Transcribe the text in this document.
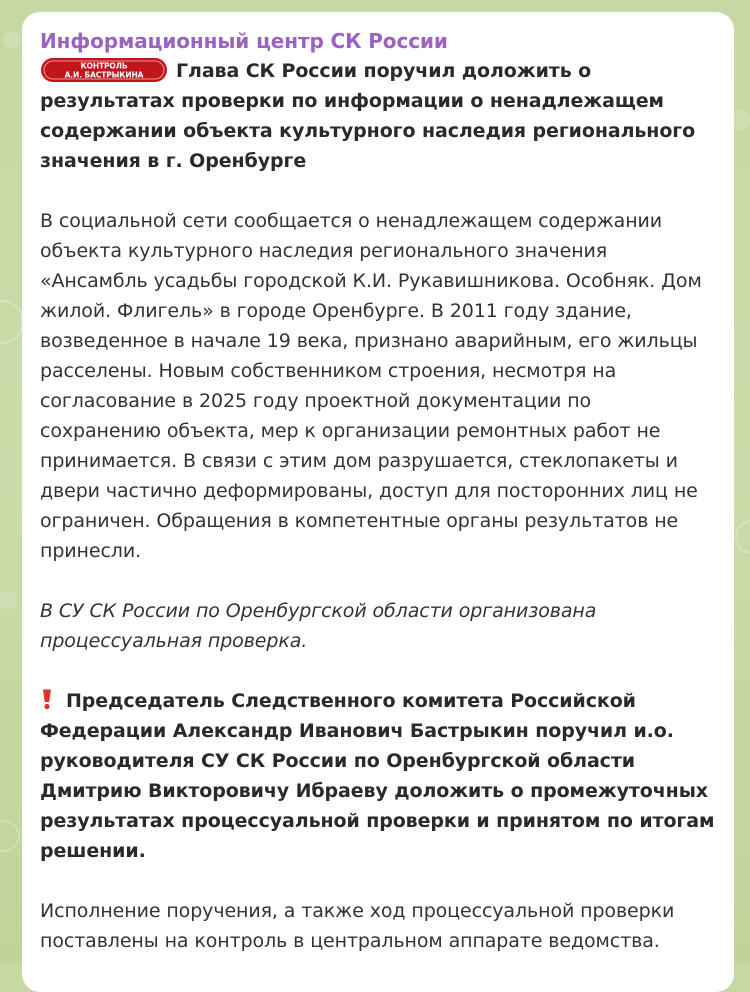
Информационный центр СК России

КОНТРОЛЬ
А.И. БАСТРЫКИНА Глава СК России поручил доложить о результатах проверки по информации о ненадлежащем содержании объекта культурного наследия регионального значения в г. Оренбурге

В социальной сети сообщается о ненадлежащем содержании объекта культурного наследия регионального значения «Ансамбль усадьбы городской К.И. Рукавишникова. Особняк. Дом жилой. Флигель» в городе Оренбурге. В 2011 году здание, возведенное в начале 19 века, признано аварийным, его жильцы расселены. Новым собственником строения, несмотря на согласование в 2025 году проектной документации по сохранению объекта, мер к организации ремонтных работ не принимается. В связи с этим дом разрушается, стеклопакеты и двери частично деформированы, доступ для посторонних лиц не ограничен. Обращения в компетентные органы результатов не принесли.

В СУ СК России по Оренбургской области организована процессуальная проверка.

Председатель Следственного комитета Российской Федерации Александр Иванович Бастрыкин поручил и.о. руководителя СУ СК России по Оренбургской области Дмитрию Викторовичу Ибраеву доложить о промежуточных результатах процессуальной проверки и принятом по итогам решении.

Исполнение поручения, а также ход процессуальной проверки поставлены на контроль в центральном аппарате ведомства.
